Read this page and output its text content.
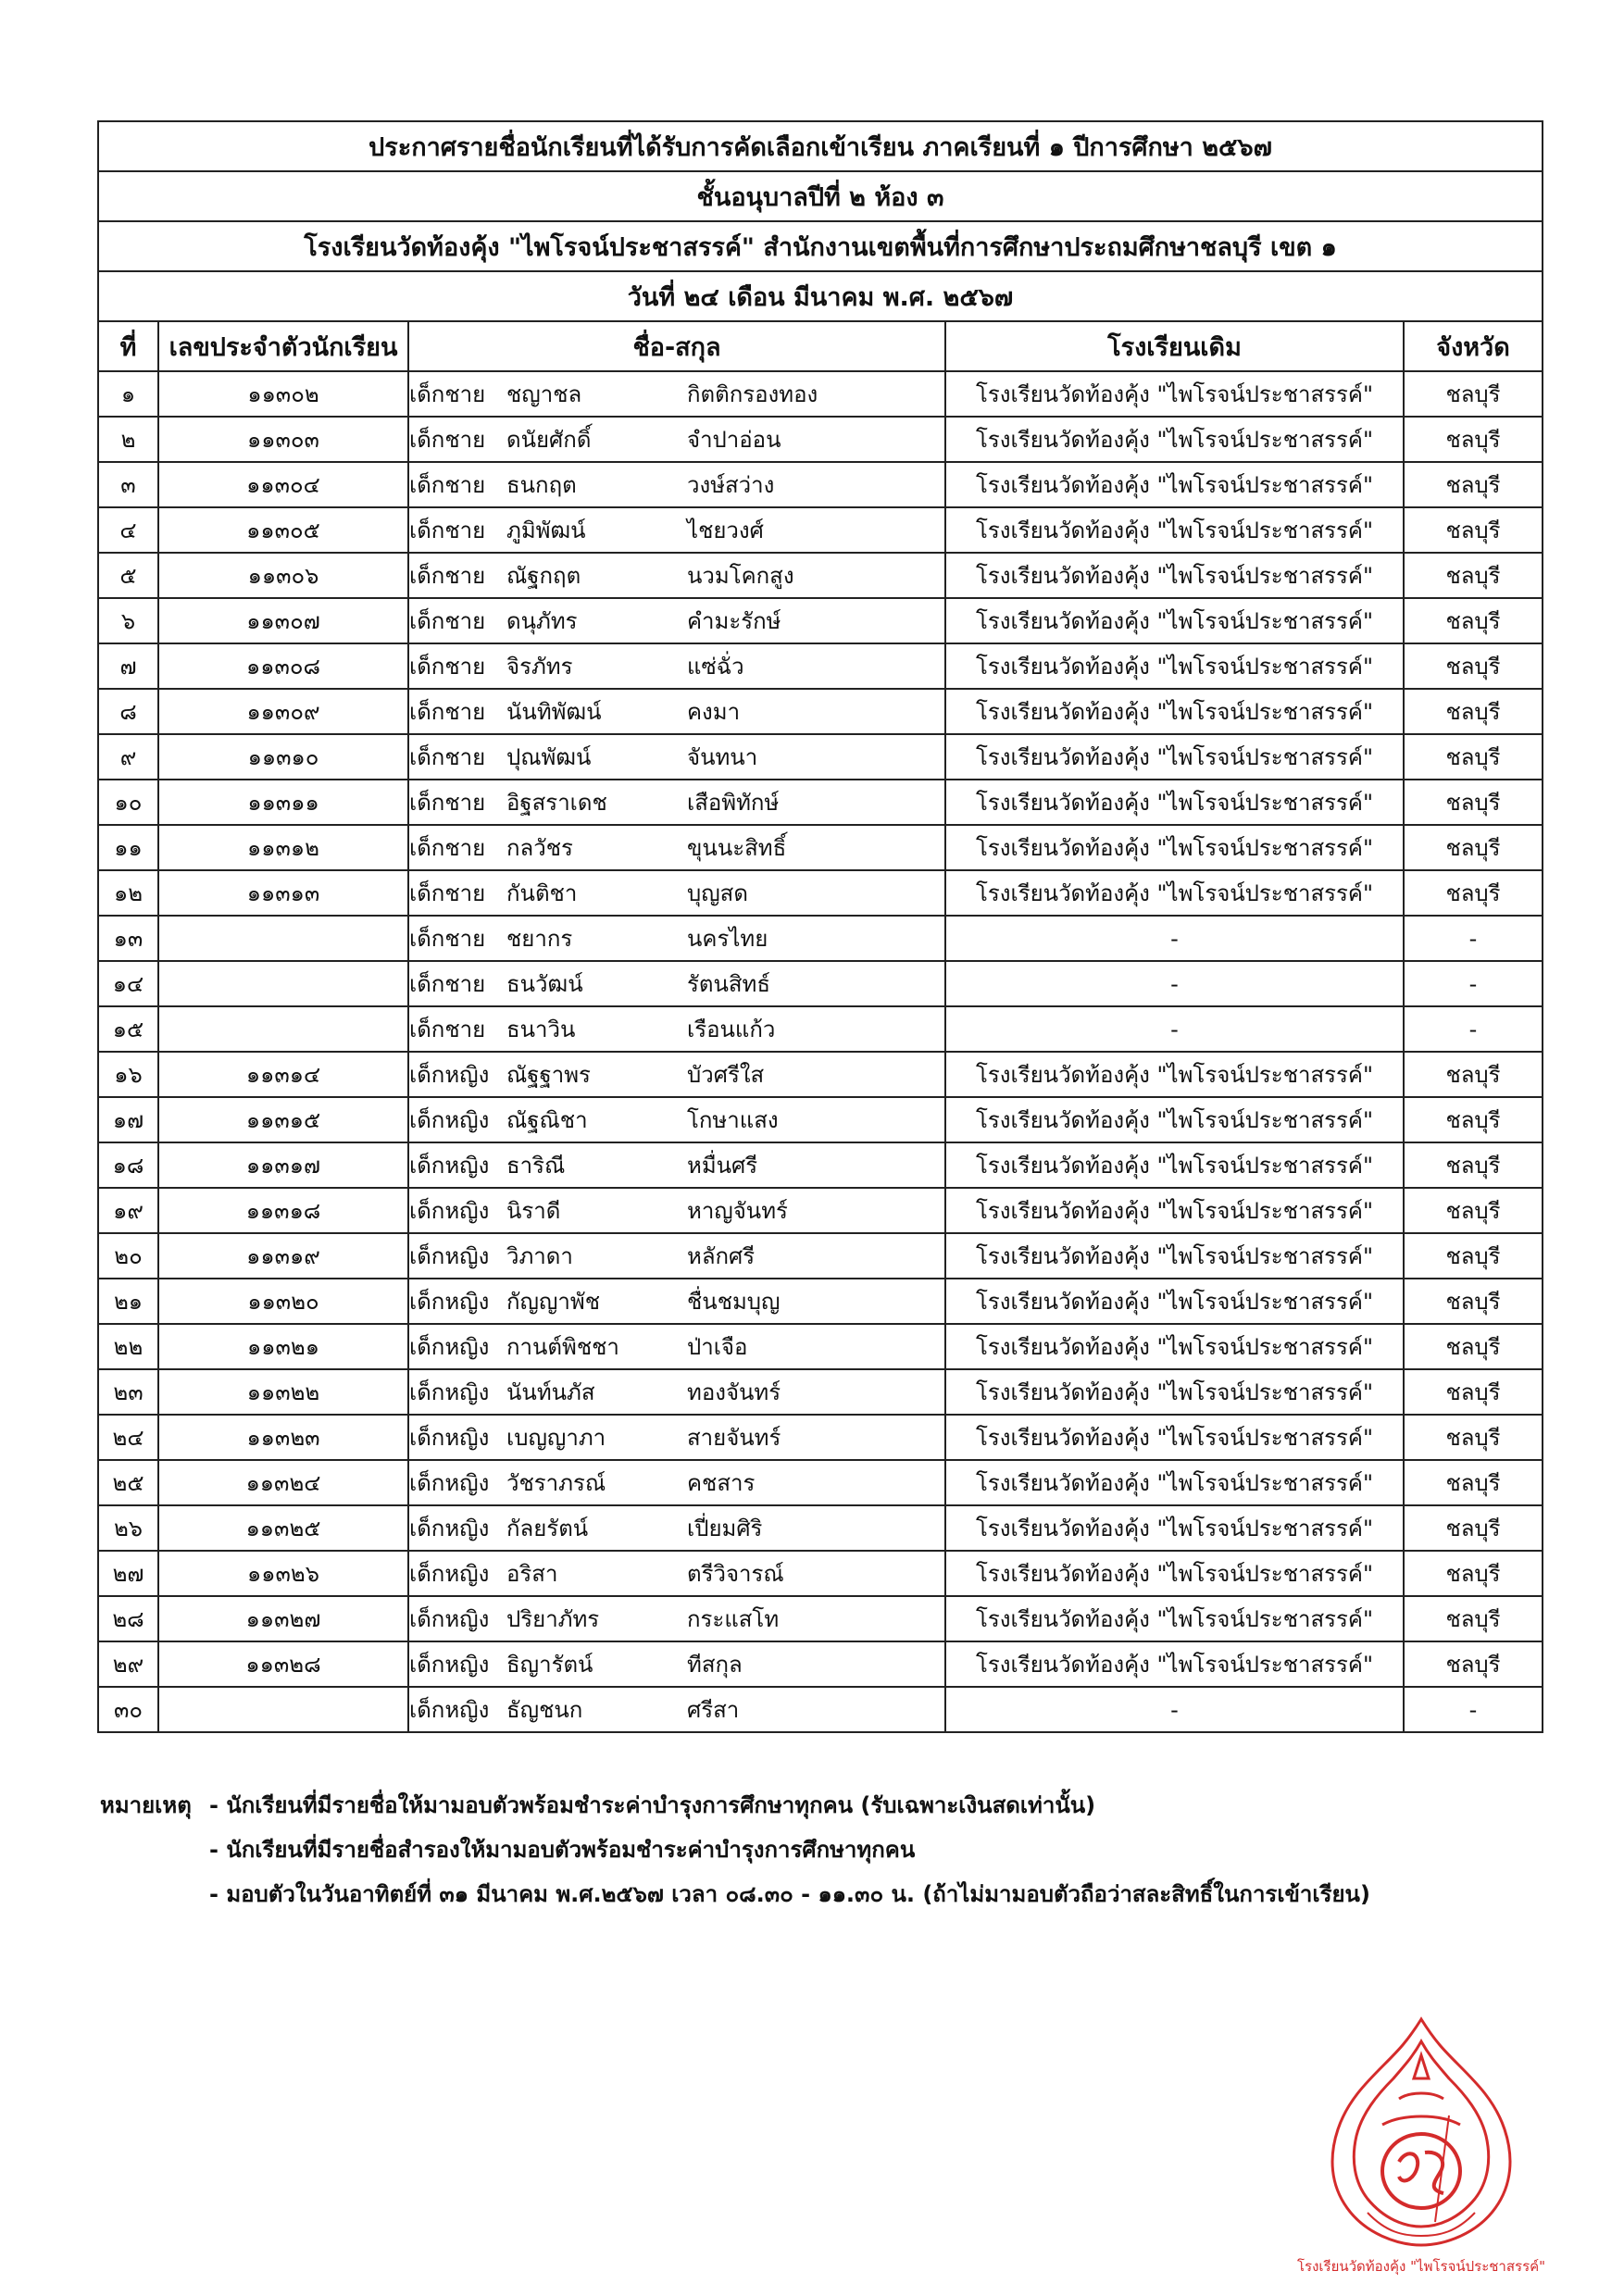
ประกาศรายชื่อนักเรียนที่ได้รับการคัดเลือกเข้าเรียน ภาคเรียนที่ ๑ ปีการศึกษา ๒๕๖๗				
ชั้นอนุบาลปีที่ ๒ ห้อง ๓				
โรงเรียนวัดท้องคุ้ง "ไพโรจน์ประชาสรรค์" สำนักงานเขตพื้นที่การศึกษาประถมศึกษาชลบุรี เขต ๑				
วันที่ ๒๔ เดือน มีนาคม พ.ศ. ๒๕๖๗				
ที่	เลขประจำตัวนักเรียน	ชื่อ-สกุล	โรงเรียนเดิม	จังหวัด
๑	๑๑๓๐๒	เด็กชาย ชญาชล กิตติกรองทอง	โรงเรียนวัดท้องคุ้ง "ไพโรจน์ประชาสรรค์"	ชลบุรี
๒	๑๑๓๐๓	เด็กชาย ดนัยศักดิ์ จำปาอ่อน	โรงเรียนวัดท้องคุ้ง "ไพโรจน์ประชาสรรค์"	ชลบุรี
๓	๑๑๓๐๔	เด็กชาย ธนกฤต วงษ์สว่าง	โรงเรียนวัดท้องคุ้ง "ไพโรจน์ประชาสรรค์"	ชลบุรี
๔	๑๑๓๐๕	เด็กชาย ภูมิพัฒน์ ไชยวงศ์	โรงเรียนวัดท้องคุ้ง "ไพโรจน์ประชาสรรค์"	ชลบุรี
๕	๑๑๓๐๖	เด็กชาย ณัฐกฤต นวมโคกสูง	โรงเรียนวัดท้องคุ้ง "ไพโรจน์ประชาสรรค์"	ชลบุรี
๖	๑๑๓๐๗	เด็กชาย ดนุภัทร คำมะรักษ์	โรงเรียนวัดท้องคุ้ง "ไพโรจน์ประชาสรรค์"	ชลบุรี
๗	๑๑๓๐๘	เด็กชาย จิรภัทร แซ่ฉั่ว	โรงเรียนวัดท้องคุ้ง "ไพโรจน์ประชาสรรค์"	ชลบุรี
๘	๑๑๓๐๙	เด็กชาย นันทิพัฒน์ คงมา	โรงเรียนวัดท้องคุ้ง "ไพโรจน์ประชาสรรค์"	ชลบุรี
๙	๑๑๓๑๐	เด็กชาย ปุณพัฒน์ จันทนา	โรงเรียนวัดท้องคุ้ง "ไพโรจน์ประชาสรรค์"	ชลบุรี
๑๐	๑๑๓๑๑	เด็กชาย อิฐสราเดช เสือพิทักษ์	โรงเรียนวัดท้องคุ้ง "ไพโรจน์ประชาสรรค์"	ชลบุรี
๑๑	๑๑๓๑๒	เด็กชาย กลวัชร ขุนนะสิทธิ์	โรงเรียนวัดท้องคุ้ง "ไพโรจน์ประชาสรรค์"	ชลบุรี
๑๒	๑๑๓๑๓	เด็กชาย กันติชา บุญสด	โรงเรียนวัดท้องคุ้ง "ไพโรจน์ประชาสรรค์"	ชลบุรี
๑๓		เด็กชาย ชยากร นครไทย	-	-
๑๔		เด็กชาย ธนวัฒน์ รัตนสิทธ์	-	-
๑๕		เด็กชาย ธนาวิน เรือนแก้ว	-	-
๑๖	๑๑๓๑๔	เด็กหญิง ณัฐฐาพร บัวศรีใส	โรงเรียนวัดท้องคุ้ง "ไพโรจน์ประชาสรรค์"	ชลบุรี
๑๗	๑๑๓๑๕	เด็กหญิง ณัฐณิชา โกษาแสง	โรงเรียนวัดท้องคุ้ง "ไพโรจน์ประชาสรรค์"	ชลบุรี
๑๘	๑๑๓๑๗	เด็กหญิง ธาริณี หมื่นศรี	โรงเรียนวัดท้องคุ้ง "ไพโรจน์ประชาสรรค์"	ชลบุรี
๑๙	๑๑๓๑๘	เด็กหญิง นิราดี หาญจันทร์	โรงเรียนวัดท้องคุ้ง "ไพโรจน์ประชาสรรค์"	ชลบุรี
๒๐	๑๑๓๑๙	เด็กหญิง วิภาดา หลักศรี	โรงเรียนวัดท้องคุ้ง "ไพโรจน์ประชาสรรค์"	ชลบุรี
๒๑	๑๑๓๒๐	เด็กหญิง กัญญาพัช ชื่นชมบุญ	โรงเรียนวัดท้องคุ้ง "ไพโรจน์ประชาสรรค์"	ชลบุรี
๒๒	๑๑๓๒๑	เด็กหญิง กานต์พิชชา ป่าเจือ	โรงเรียนวัดท้องคุ้ง "ไพโรจน์ประชาสรรค์"	ชลบุรี
๒๓	๑๑๓๒๒	เด็กหญิง นันท์นภัส ทองจันทร์	โรงเรียนวัดท้องคุ้ง "ไพโรจน์ประชาสรรค์"	ชลบุรี
๒๔	๑๑๓๒๓	เด็กหญิง เบญญาภา สายจันทร์	โรงเรียนวัดท้องคุ้ง "ไพโรจน์ประชาสรรค์"	ชลบุรี
๒๕	๑๑๓๒๔	เด็กหญิง วัชราภรณ์ คชสาร	โรงเรียนวัดท้องคุ้ง "ไพโรจน์ประชาสรรค์"	ชลบุรี
๒๖	๑๑๓๒๕	เด็กหญิง กัลยรัตน์ เปี่ยมศิริ	โรงเรียนวัดท้องคุ้ง "ไพโรจน์ประชาสรรค์"	ชลบุรี
๒๗	๑๑๓๒๖	เด็กหญิง อริสา ตรีวิจารณ์	โรงเรียนวัดท้องคุ้ง "ไพโรจน์ประชาสรรค์"	ชลบุรี
๒๘	๑๑๓๒๗	เด็กหญิง ปริยาภัทร กระแสโท	โรงเรียนวัดท้องคุ้ง "ไพโรจน์ประชาสรรค์"	ชลบุรี
๒๙	๑๑๓๒๘	เด็กหญิง ธิญารัตน์ ทีสกุล	โรงเรียนวัดท้องคุ้ง "ไพโรจน์ประชาสรรค์"	ชลบุรี
๓๐		เด็กหญิง ธัญชนก ศรีสา	-	-
หมายเหตุ - นักเรียนที่มีรายชื่อให้มามอบตัวพร้อมชำระค่าบำรุงการศึกษาทุกคน (รับเฉพาะเงินสดเท่านั้น)
- นักเรียนที่มีรายชื่อสำรองให้มามอบตัวพร้อมชำระค่าบำรุงการศึกษาทุกคน
- มอบตัวในวันอาทิตย์ที่ ๓๑ มีนาคม พ.ศ.๒๕๖๗ เวลา ๐๘.๓๐ - ๑๑.๓๐ น. (ถ้าไม่มามอบตัวถือว่าสละสิทธิ์ในการเข้าเรียน)
โรงเรียนวัดท้องคุ้ง "ไพโรจน์ประชาสรรค์"
